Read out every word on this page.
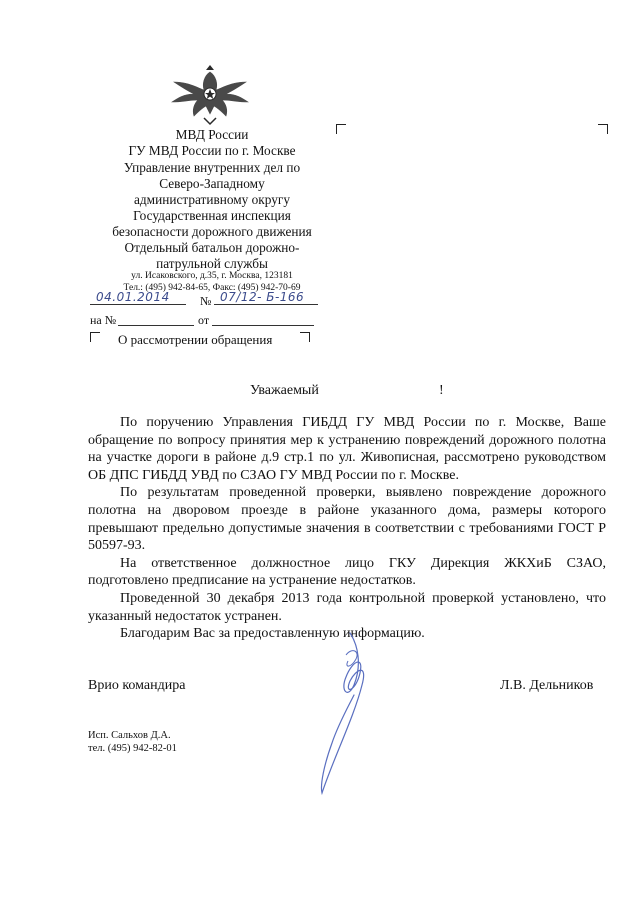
МВД России
ГУ МВД России по г. Москве
Управление внутренних дел по
Северо-Западному
административному округу
Государственная инспекция
безопасности дорожного движения
Отдельный батальон дорожно-
патрульной службы
ул. Исаковского, д.35, г. Москва, 123181
Тел.: (495) 942-84-65, Факс: (495) 942-70-69
04.01.2014	№ 07/12- Б-166
на №	от
О рассмотрении обращения
Уважаемый	!

По поручению Управления ГИБДД ГУ МВД России по г. Москве, Ваше обращение по вопросу принятия мер к устранению повреждений дорожного полотна на участке дороги в районе д.9 стр.1 по ул. Живописная, рассмотрено руководством ОБ ДПС ГИБДД УВД по СЗАО ГУ МВД России по г. Москве.

По результатам проведенной проверки, выявлено повреждение дорожного полотна на дворовом проезде в районе указанного дома, размеры которого превышают предельно допустимые значения в соответствии с требованиями ГОСТ Р 50597-93.

На ответственное должностное лицо ГКУ Дирекция ЖКХиБ СЗАО, подготовлено предписание на устранение недостатков.

Проведенной 30 декабря 2013 года контрольной проверкой установлено, что указанный недостаток устранен.

Благодарим Вас за предоставленную информацию.

Врио командира	Л.В. Дельников
Исп. Сальхов Д.А.
тел. (495) 942-82-01
